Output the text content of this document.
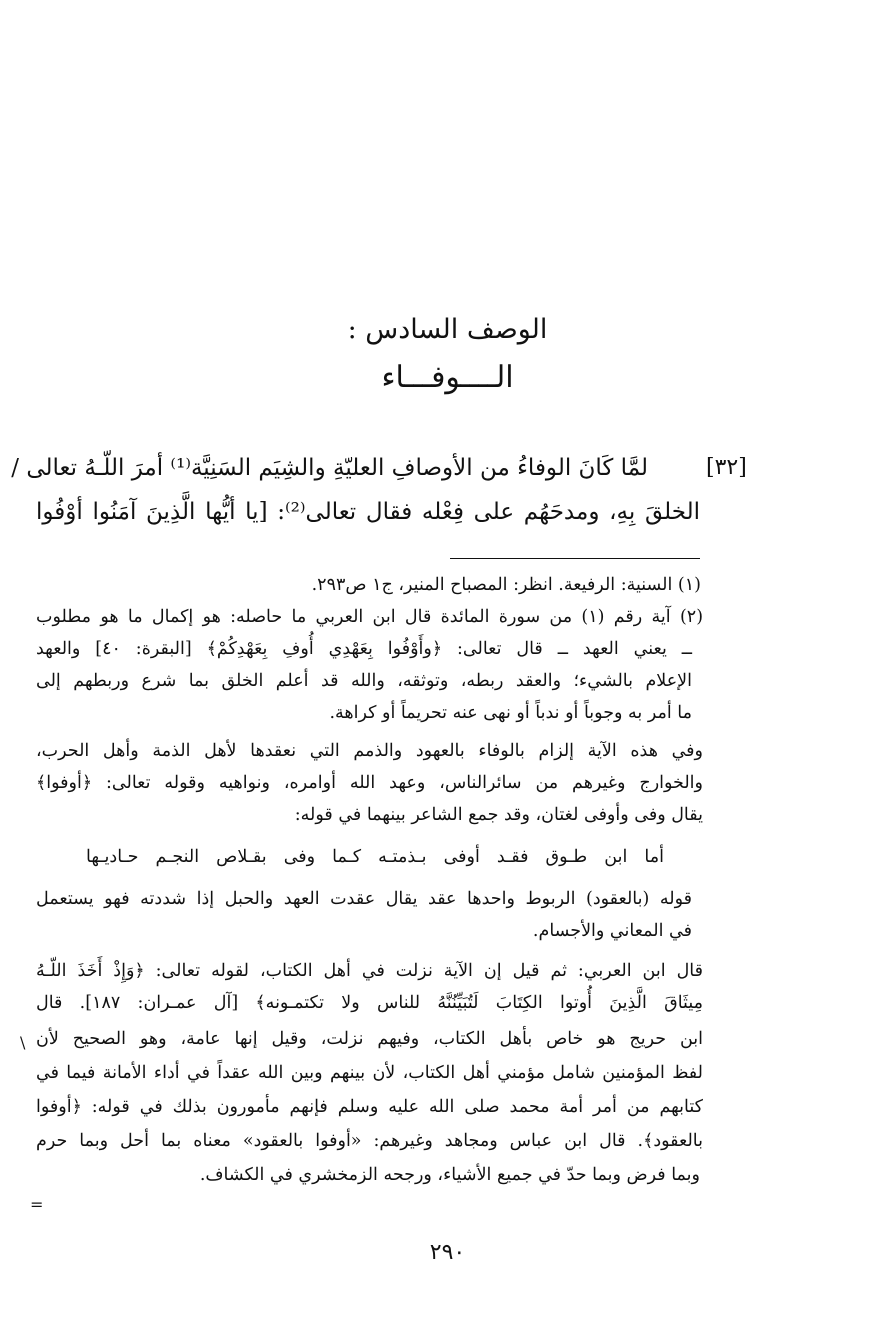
الوصف السادس :
الــــوفـــاء
[٣٢]
لمَّا كَانَ الوفاءُ من الأوصافِ العليّةِ والشِيَم السَنِيَّة⁽¹⁾ أمرَ اللّـهُ تعالى /
الخلقَ بِهِ، ومدحَهُم على فِعْله فقال تعالى⁽²⁾: [يا أيُّها الَّذِينَ آمَنُوا أوْفُوا
(١) السنية: الرفيعة. انظر: المصباح المنير، ج١ ص٢٩٣.
(٢) آية رقم (١) من سورة المائدة قال ابن العربي ما حاصله: هو إكمال ما هو مطلوب
ــ يعني العهد ــ قال تعالى: ﴿وأَوْفُوا بِعَهْدِي أُوفِ بِعَهْدِكُمْ﴾ [البقرة: ٤٠] والعهد
الإعلام بالشيء؛ والعقد ربطه، وتوثقه، والله قد أعلم الخلق بما شرع وربطهم إلى
ما أمر به وجوباً أو ندباً أو نهى عنه تحريماً أو كراهة.
وفي هذه الآية إلزام بالوفاء بالعهود والذمم التي نعقدها لأهل الذمة وأهل الحرب،
والخوارج وغيرهم من سائرالناس، وعهد الله أوامره، ونواهيه وقوله تعالى: ﴿أوفوا﴾
يقال وفى وأوفى لغتان، وقد جمع الشاعر بينهما في قوله:
أما ابن طـوق فقـد أوفى بـذمتـه كـما وفى بقـلاص النجـم حـاديـها
قوله (بالعقود) الربوط واحدها عقد يقال عقدت العهد والحبل إذا شددته فهو يستعمل
في المعاني والأجسام.
قال ابن العربي: ثم قيل إن الآية نزلت في أهل الكتاب، لقوله تعالى: ﴿وَإِذْ أَخَذَ اللّـهُ
مِيثَاقَ الَّذِينَ أُوتوا الكِتَابَ لَتُبَيِّنُنَّهُ للناس ولا تكتمـونه﴾ [آل عمـران: ١٨٧]. قال
ابن حريج هو خاص بأهل الكتاب، وفيهم نزلت، وقيل إنها عامة، وهو الصحيح لأن
لفظ المؤمنين شامل مؤمني أهل الكتاب، لأن بينهم وبين الله عقداً في أداء الأمانة فيما في
كتابهم من أمر أمة محمد صلى الله عليه وسلم فإنهم مأمورون بذلك في قوله: ﴿أوفوا
بالعقود﴾. قال ابن عباس ومجاهد وغيرهم: «أوفوا بالعقود» معناه بما أحل وبما حرم
وبما فرض وبما حدّ في جميع الأشياء، ورجحه الزمخشري في الكشاف.
\
=
٢٩٠
